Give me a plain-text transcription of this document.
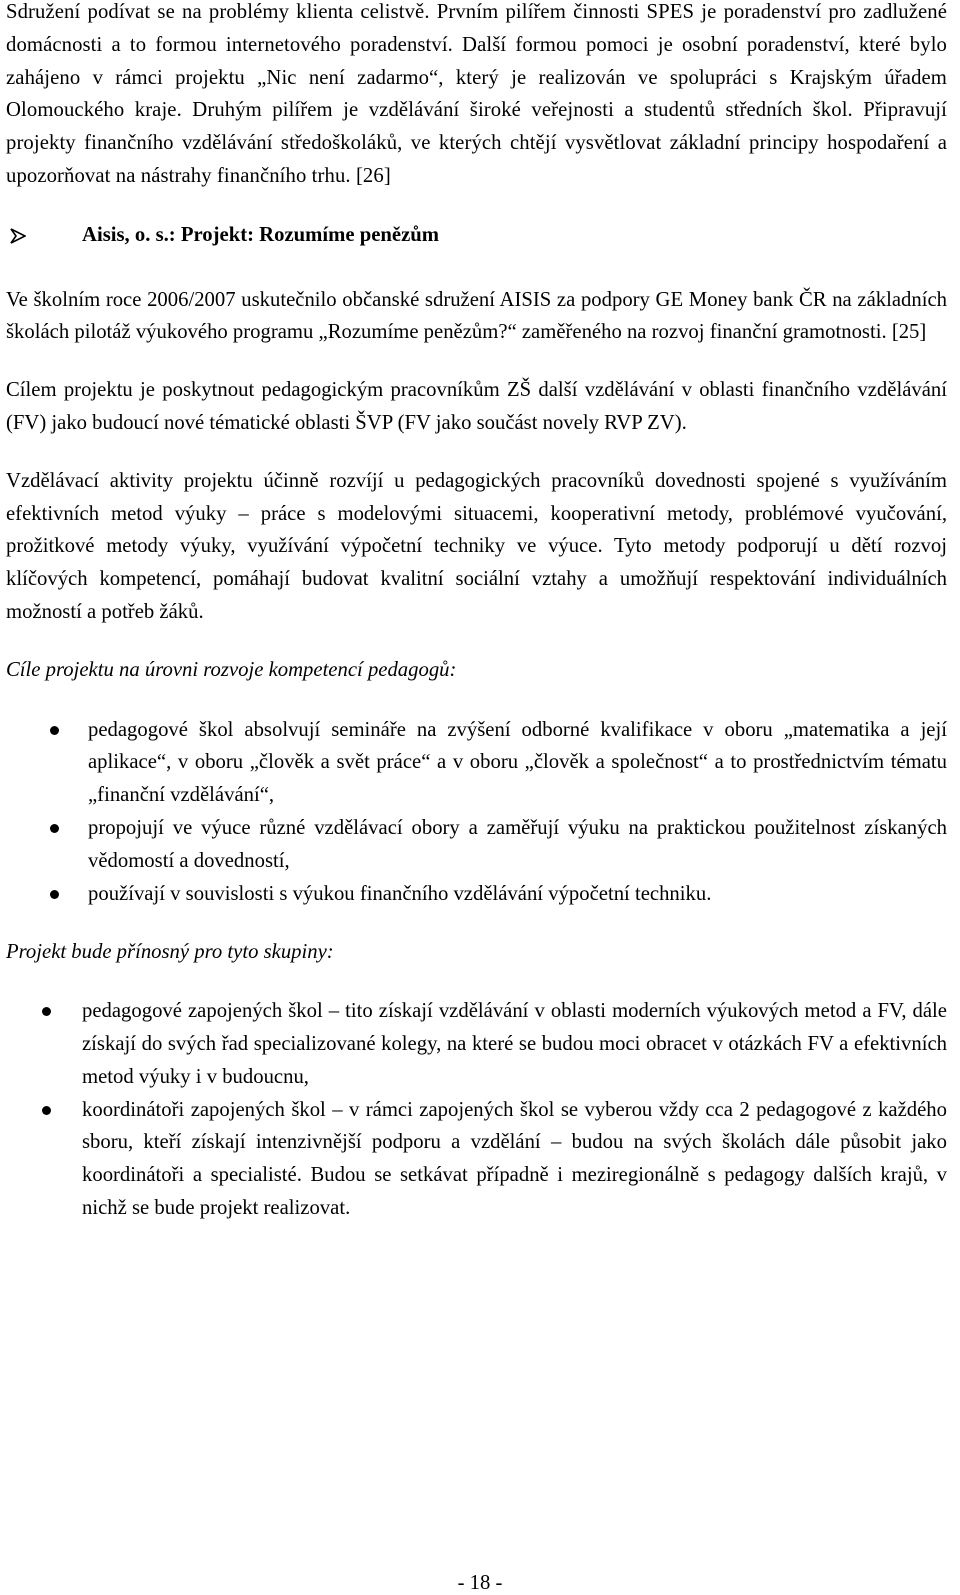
Sdružení podívat se na problémy klienta celistvě. Prvním pilířem činnosti SPES je poradenství pro zadlužené domácnosti a to formou internetového poradenství. Další formou pomoci je osobní poradenství, které bylo zahájeno v rámci projektu „Nic není zadarmo“, který je realizován ve spolupráci s Krajským úřadem Olomouckého kraje. Druhým pilířem je vzdělávání široké veřejnosti a studentů středních škol. Připravují projekty finančního vzdělávání středoškoláků, ve kterých chtějí vysvětlovat základní principy hospodaření a upozorňovat na nástrahy finančního trhu. [26]

Aisis, o. s.: Projekt: Rozumíme penězům

Ve školním roce 2006/2007 uskutečnilo občanské sdružení AISIS za podpory GE Money bank ČR na základních školách pilotáž výukového programu „Rozumíme penězům?“ zaměřeného na rozvoj finanční gramotnosti. [25]

Cílem projektu je poskytnout pedagogickým pracovníkům ZŠ další vzdělávání v oblasti finančního vzdělávání (FV) jako budoucí nové tématické oblasti ŠVP (FV jako součást novely RVP ZV).

Vzdělávací aktivity projektu účinně rozvíjí u pedagogických pracovníků dovednosti spojené s využíváním efektivních metod výuky – práce s modelovými situacemi, kooperativní metody, problémové vyučování, prožitkové metody výuky, využívání výpočetní techniky ve výuce. Tyto metody podporují u dětí rozvoj klíčových kompetencí, pomáhají budovat kvalitní sociální vztahy a umožňují respektování individuálních možností a potřeb žáků.

Cíle projektu na úrovni rozvoje kompetencí pedagogů:

pedagogové škol absolvují semináře na zvýšení odborné kvalifikace v oboru „matematika a její aplikace“, v oboru „člověk a svět práce“ a v oboru „člověk a společnost“ a to prostřednictvím tématu „finanční vzdělávání“,
propojují ve výuce různé vzdělávací obory a zaměřují výuku na praktickou použitelnost získaných vědomostí a dovedností,
používají v souvislosti s výukou finančního vzdělávání výpočetní techniku.

Projekt bude přínosný pro tyto skupiny:

pedagogové zapojených škol – tito získají vzdělávání v oblasti moderních výukových metod a FV, dále získají do svých řad specializované kolegy, na které se budou moci obracet v otázkách FV a efektivních metod výuky i v budoucnu,
koordinátoři zapojených škol – v rámci zapojených škol se vyberou vždy cca 2 pedagogové z každého sboru, kteří získají intenzivnější podporu a vzdělání – budou na svých školách dále působit jako koordinátoři a specialisté. Budou se setkávat případně i meziregionálně s pedagogy dalších krajů, v nichž se bude projekt realizovat.
- 18 -
